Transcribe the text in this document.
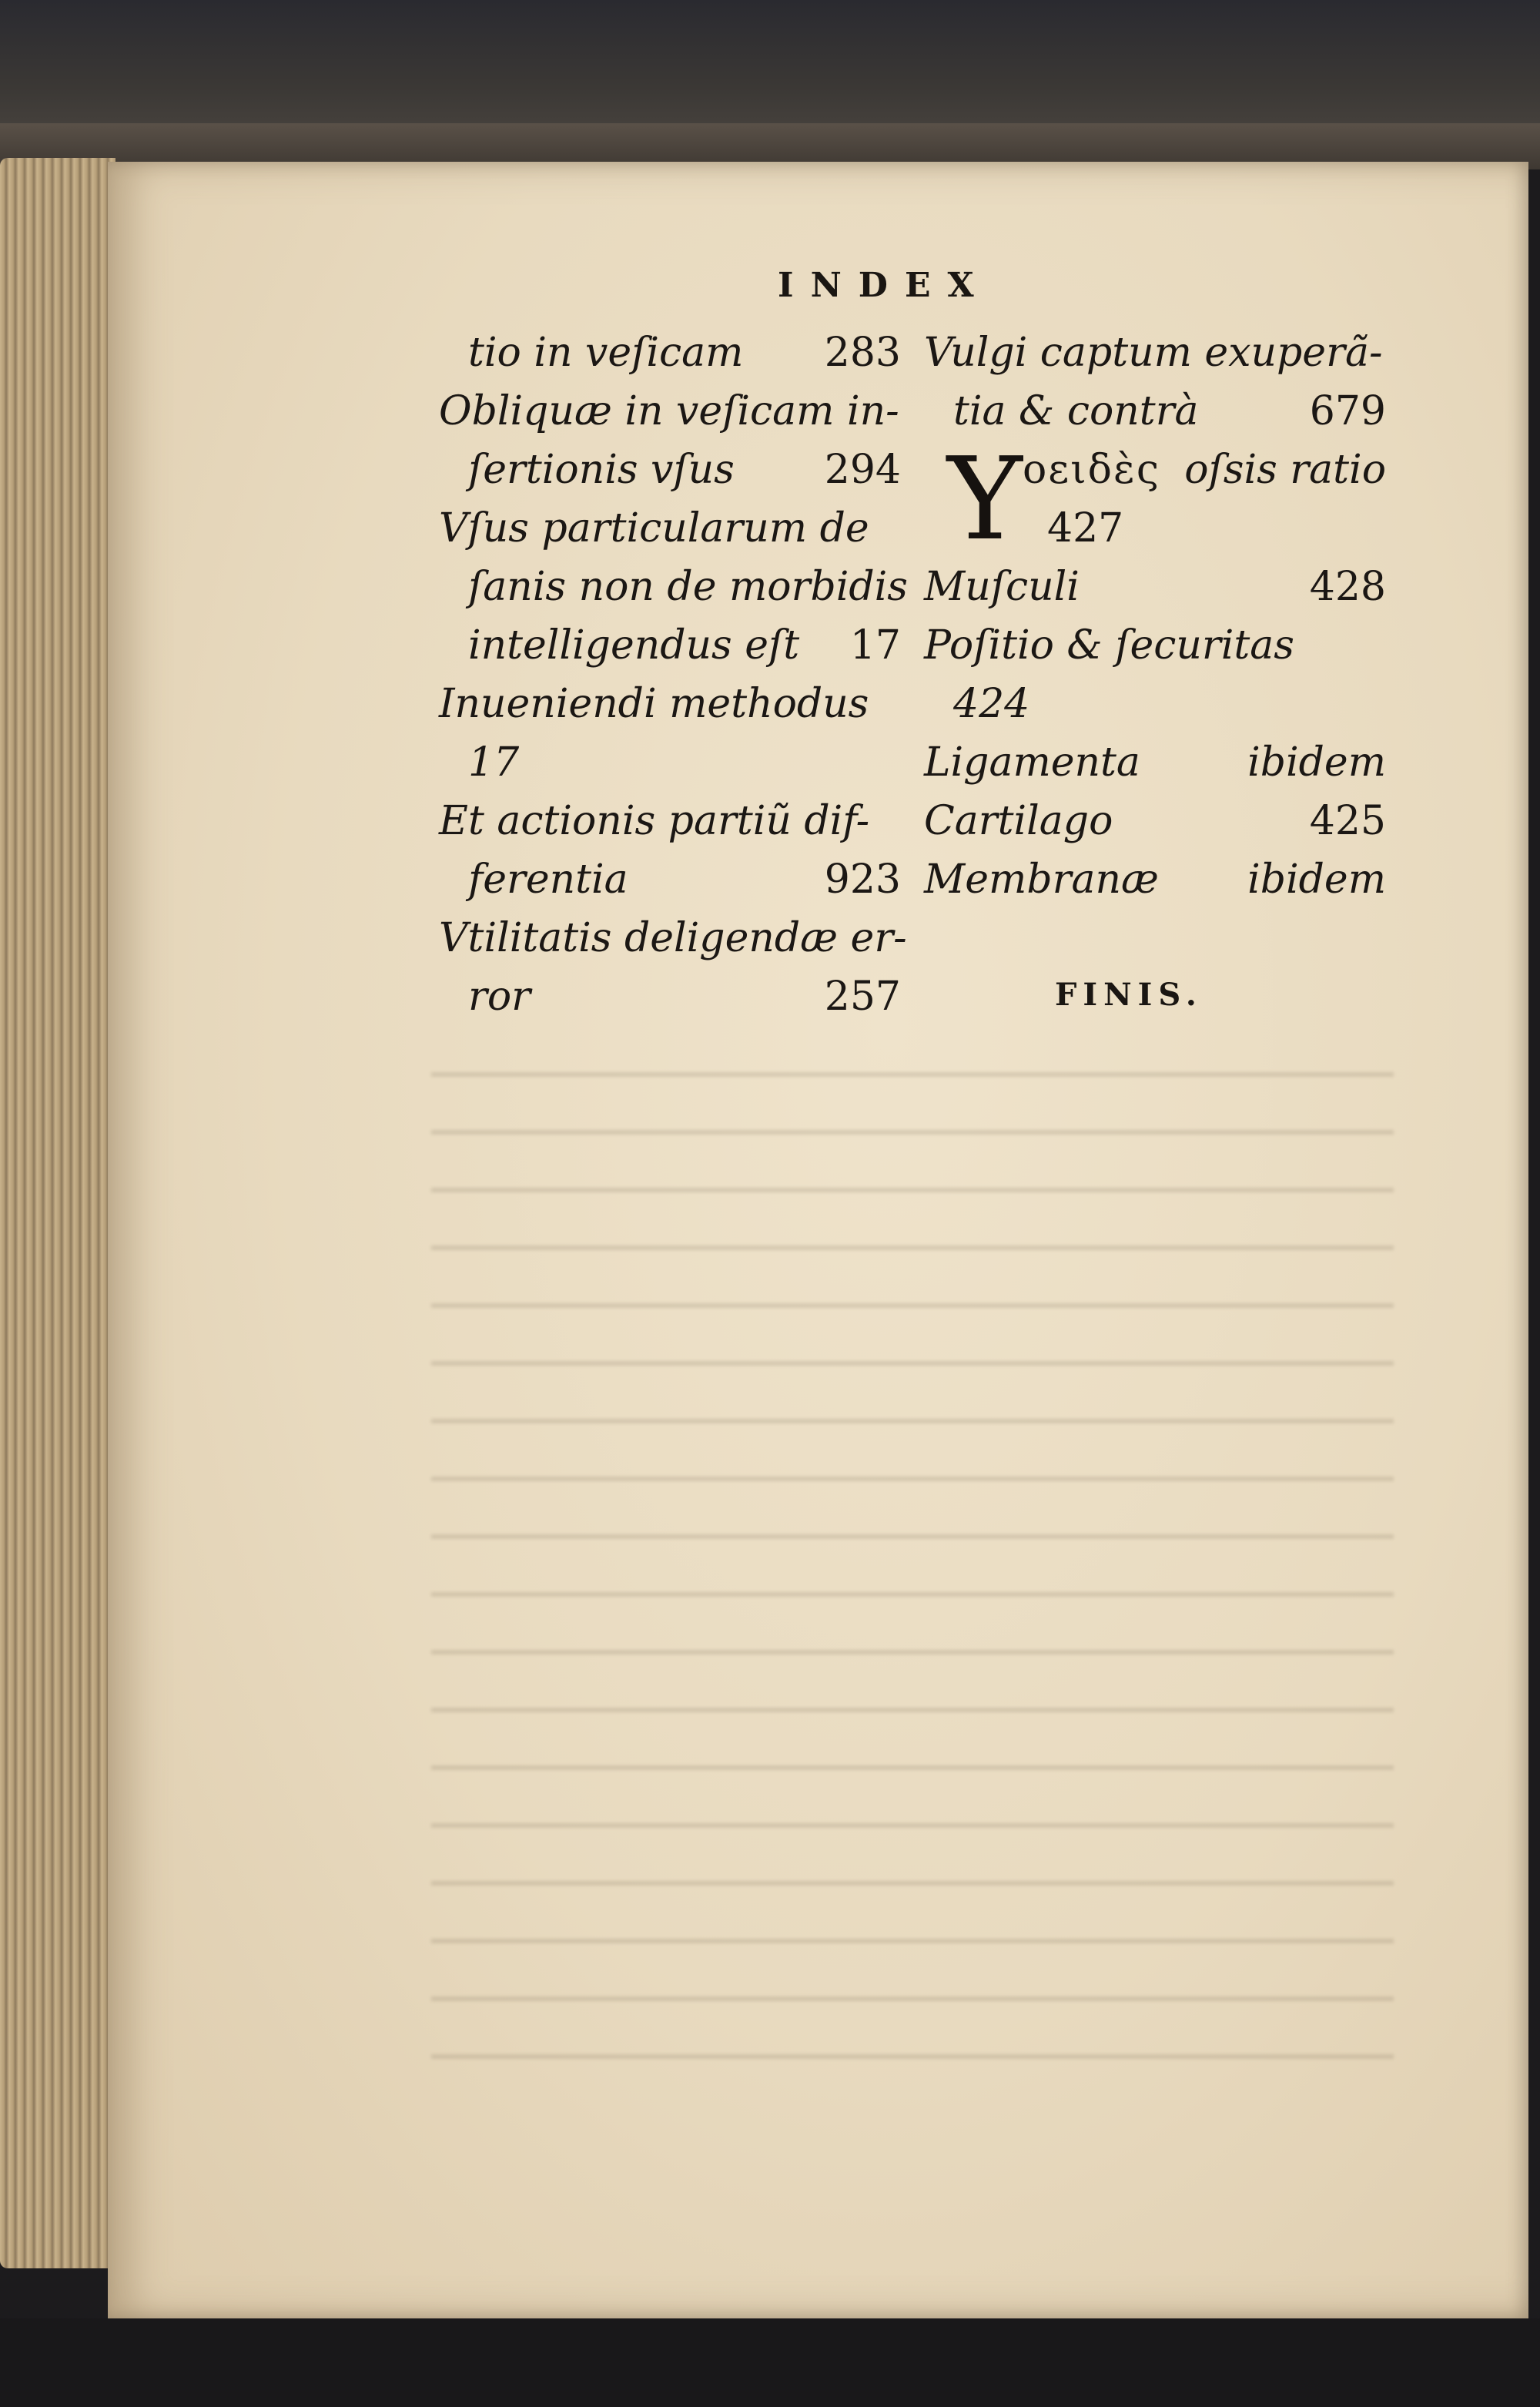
INDEX
tio in veſicam 283
Obliquæ in veſicam in-
ſertionis vſus 294
Vſus particularum de
ſanis non de morbidis
intelligendus eſt 17
Inueniendi methodus
17
Et actionis partiũ dif-
ferentia	923
Vtilitatis deligendæ er-
ror	257
Vulgi captum exuperã-
tia & contrà	679
Y οειδὲς oſsis ratio
427
Muſculi	428
Poſitio & ſecuritas
424
Ligamenta	ibidem
Cartilago	425
Membranæ ibidem
FINIS.
